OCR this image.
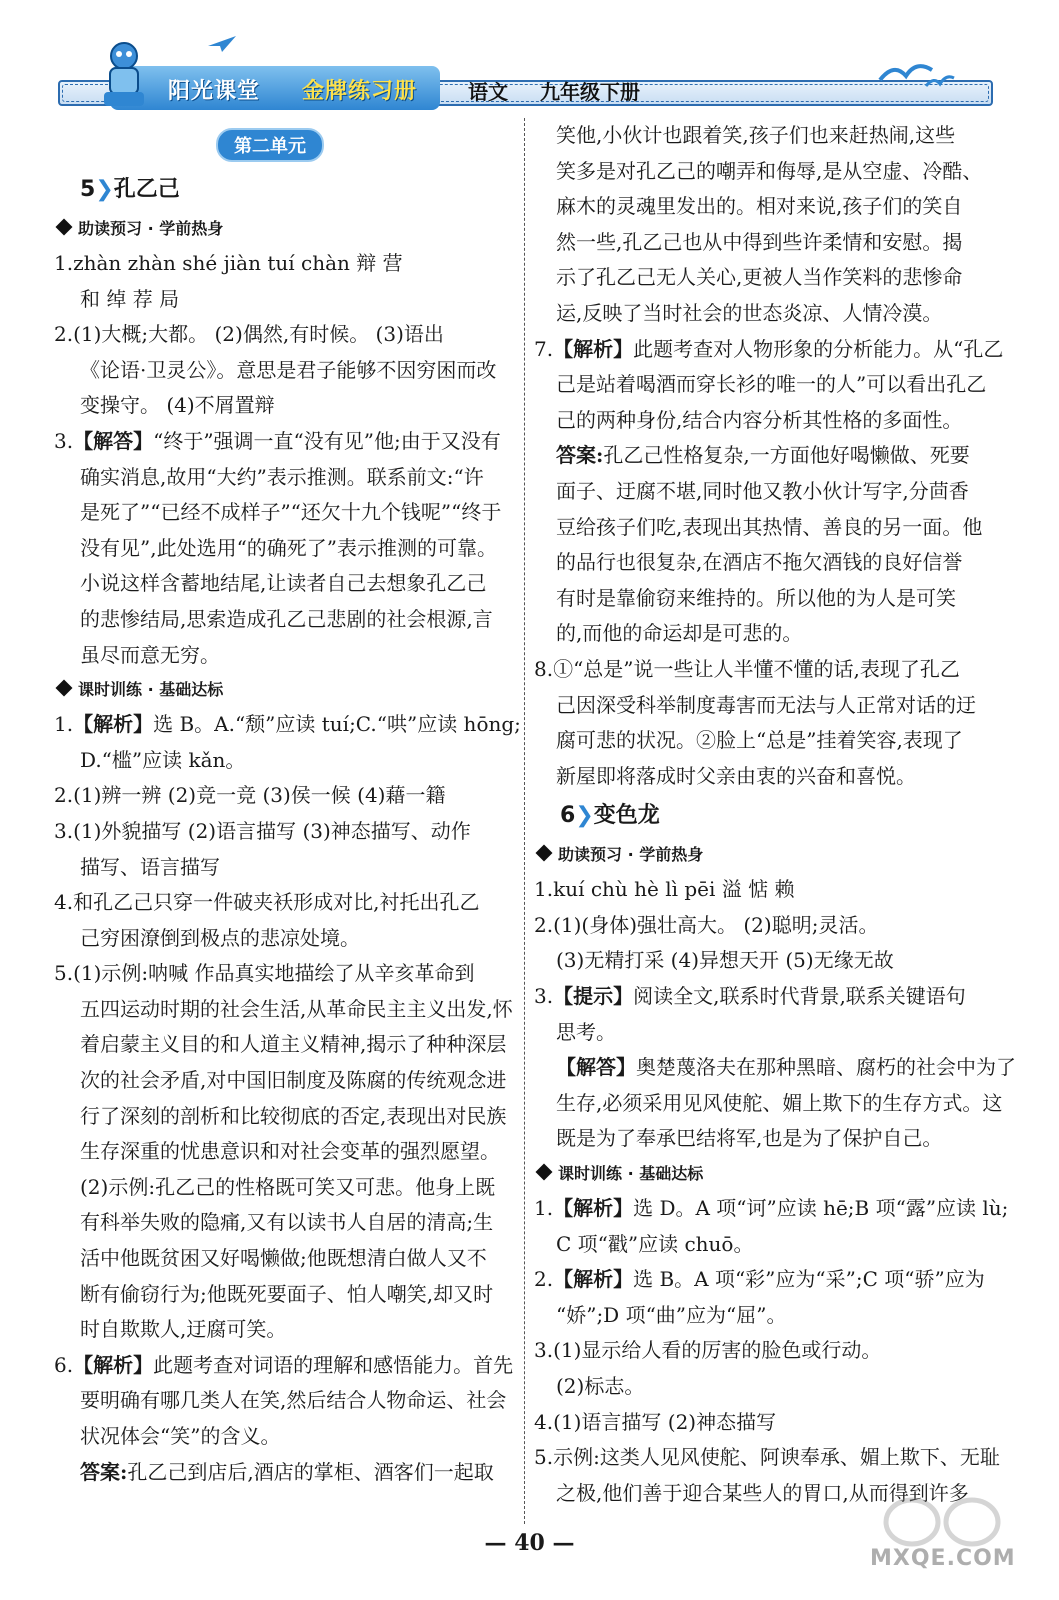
阳光课堂 金牌练习册	语文 九年级下册
第二单元
5❯孔乙己
助读预习 · 学前热身
1.zhàn zhàn shé jiàn tuí chàn 辩 营
和 绰 荐 局
2.(1)大概;大都。 (2)偶然,有时候。 (3)语出
《论语·卫灵公》。意思是君子能够不因穷困而改
变操守。 (4)不屑置辩
3.【解答】“终于”强调一直“没有见”他;由于又没有
确实消息,故用“大约”表示推测。联系前文:“许
是死了”“已经不成样子”“还欠十九个钱呢”“终于
没有见”,此处选用“的确死了”表示推测的可靠。
小说这样含蓄地结尾,让读者自己去想象孔乙己
的悲惨结局,思索造成孔乙己悲剧的社会根源,言
虽尽而意无穷。
课时训练 · 基础达标
1.【解析】选 B。A.“颓”应读 tuí;C.“哄”应读 hōng;
D.“槛”应读 kǎn。
2.(1)辨一辨 (2)竞一竞 (3)侯一候 (4)藉一籍
3.(1)外貌描写 (2)语言描写 (3)神态描写、动作
描写、语言描写
4.和孔乙己只穿一件破夹袄形成对比,衬托出孔乙
己穷困潦倒到极点的悲凉处境。
5.(1)示例:呐喊 作品真实地描绘了从辛亥革命到
五四运动时期的社会生活,从革命民主主义出发,怀
着启蒙主义目的和人道主义精神,揭示了种种深层
次的社会矛盾,对中国旧制度及陈腐的传统观念进
行了深刻的剖析和比较彻底的否定,表现出对民族
生存深重的忧患意识和对社会变革的强烈愿望。
(2)示例:孔乙己的性格既可笑又可悲。他身上既
有科举失败的隐痛,又有以读书人自居的清高;生
活中他既贫困又好喝懒做;他既想清白做人又不
断有偷窃行为;他既死要面子、怕人嘲笑,却又时
时自欺欺人,迂腐可笑。
6.【解析】此题考查对词语的理解和感悟能力。首先
要明确有哪几类人在笑,然后结合人物命运、社会
状况体会“笑”的含义。
答案:孔乙己到店后,酒店的掌柜、酒客们一起取
笑他,小伙计也跟着笑,孩子们也来赶热闹,这些
笑多是对孔乙己的嘲弄和侮辱,是从空虚、冷酷、
麻木的灵魂里发出的。相对来说,孩子们的笑自
然一些,孔乙己也从中得到些许柔情和安慰。揭
示了孔乙己无人关心,更被人当作笑料的悲惨命
运,反映了当时社会的世态炎凉、人情冷漠。
7.【解析】此题考查对人物形象的分析能力。从“孔乙
己是站着喝酒而穿长衫的唯一的人”可以看出孔乙
己的两种身份,结合内容分析其性格的多面性。
答案:孔乙己性格复杂,一方面他好喝懒做、死要
面子、迂腐不堪,同时他又教小伙计写字,分茴香
豆给孩子们吃,表现出其热情、善良的另一面。他
的品行也很复杂,在酒店不拖欠酒钱的良好信誉
有时是靠偷窃来维持的。所以他的为人是可笑
的,而他的命运却是可悲的。
8.①“总是”说一些让人半懂不懂的话,表现了孔乙
己因深受科举制度毒害而无法与人正常对话的迂
腐可悲的状况。②脸上“总是”挂着笑容,表现了
新屋即将落成时父亲由衷的兴奋和喜悦。
6❯变色龙
助读预习 · 学前热身
1.kuí chù hè lì pēi 溢 惦 赖
2.(1)(身体)强壮高大。 (2)聪明;灵活。
(3)无精打采 (4)异想天开 (5)无缘无故
3.【提示】阅读全文,联系时代背景,联系关键语句
思考。
【解答】奥楚蔑洛夫在那种黑暗、腐朽的社会中为了
生存,必须采用见风使舵、媚上欺下的生存方式。这
既是为了奉承巴结将军,也是为了保护自己。
课时训练 · 基础达标
1.【解析】选 D。A 项“诃”应读 hē;B 项“露”应读 lù;
C 项“戳”应读 chuō。
2.【解析】选 B。A 项“彩”应为“采”;C 项“骄”应为
“娇”;D 项“曲”应为“屈”。
3.(1)显示给人看的厉害的脸色或行动。
(2)标志。
4.(1)语言描写 (2)神态描写
5.示例:这类人见风使舵、阿谀奉承、媚上欺下、无耻
之极,他们善于迎合某些人的胃口,从而得到许多
— 40 —
MXQE.COM
